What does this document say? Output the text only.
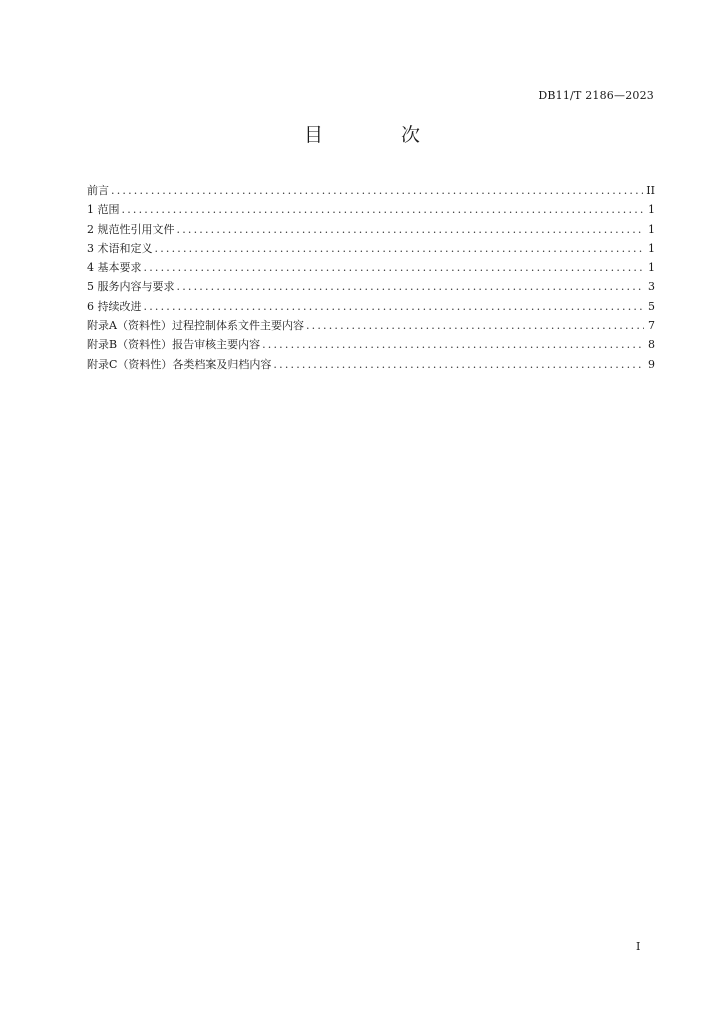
DB11/T 2186—2023
目 次
前言 .....	II
1 范围 .....	1
2 规范性引用文件 .....	1
3 术语和定义 .....	1
4 基本要求 .....	1
5 服务内容与要求 .....	3
6 持续改进 .....	5
附录A（资料性）过程控制体系文件主要内容 .....	7
附录B（资料性）报告审核主要内容 .....	8
附录C（资料性）各类档案及归档内容 .....	9
I
